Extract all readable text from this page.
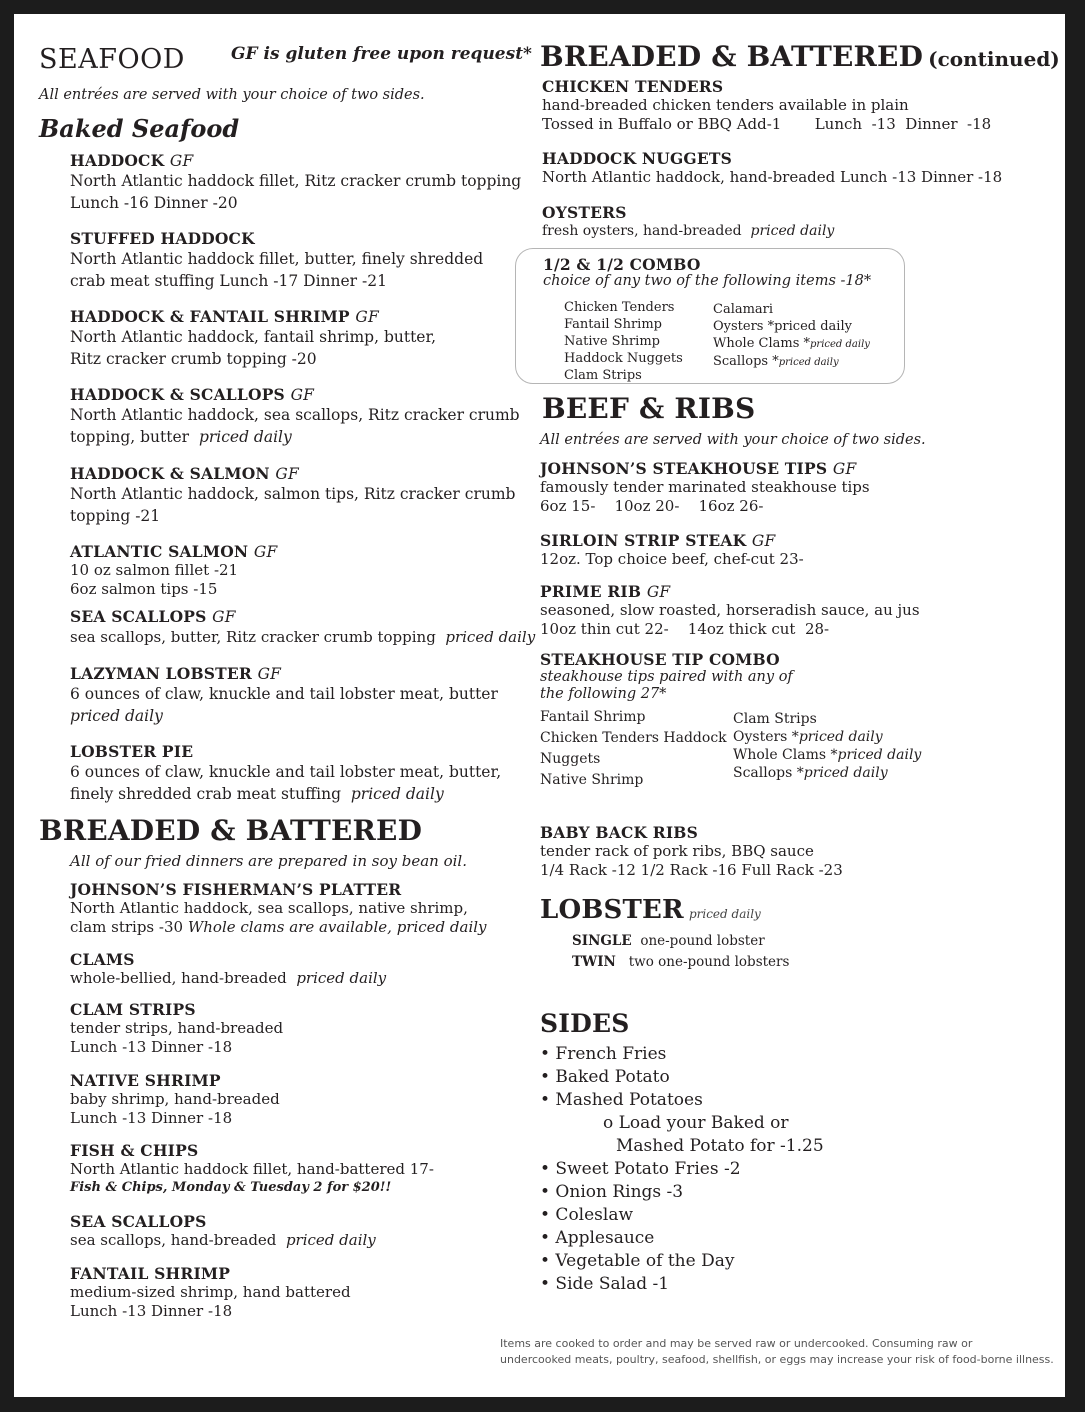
SEAFOOD	GF is gluten free upon request*
All entrées are served with your choice of two sides.
Baked Seafood
HADDOCK GF
North Atlantic haddock fillet, Ritz cracker crumb topping
Lunch -16 Dinner -20
STUFFED HADDOCK
North Atlantic haddock fillet, butter, finely shredded
crab meat stuffing Lunch -17 Dinner -21
HADDOCK & FANTAIL SHRIMP GF
North Atlantic haddock, fantail shrimp, butter,
Ritz cracker crumb topping -20
HADDOCK & SCALLOPS GF
North Atlantic haddock, sea scallops, Ritz cracker crumb
topping, butter priced daily
HADDOCK & SALMON GF
North Atlantic haddock, salmon tips, Ritz cracker crumb
topping -21
ATLANTIC SALMON GF
10 oz salmon fillet -21
6oz salmon tips -15
SEA SCALLOPS GF
sea scallops, butter, Ritz cracker crumb topping priced daily
LAZYMAN LOBSTER GF
6 ounces of claw, knuckle and tail lobster meat, butter
priced daily
LOBSTER PIE
6 ounces of claw, knuckle and tail lobster meat, butter,
finely shredded crab meat stuffing priced daily
BREADED & BATTERED
All of our fried dinners are prepared in soy bean oil.
JOHNSON’S FISHERMAN’S PLATTER
North Atlantic haddock, sea scallops, native shrimp,
clam strips -30 Whole clams are available, priced daily
CLAMS
whole-bellied, hand-breaded priced daily
CLAM STRIPS
tender strips, hand-breaded
Lunch -13 Dinner -18
NATIVE SHRIMP
baby shrimp, hand-breaded
Lunch -13 Dinner -18
FISH & CHIPS
North Atlantic haddock fillet, hand-battered 17-
Fish & Chips, Monday & Tuesday 2 for $20!!
SEA SCALLOPS
sea scallops, hand-breaded priced daily
FANTAIL SHRIMP
medium-sized shrimp, hand battered
Lunch -13 Dinner -18
BREADED & BATTERED (continued)
CHICKEN TENDERS
hand-breaded chicken tenders available in plain
Tossed in Buffalo or BBQ Add-1       Lunch  -13  Dinner  -18
HADDOCK NUGGETS
North Atlantic haddock, hand-breaded Lunch -13 Dinner -18
OYSTERS
fresh oysters, hand-breaded priced daily
1/2 & 1/2 COMBO
choice of any two of the following items -18*
Chicken Tenders
Fantail Shrimp
Native Shrimp
Haddock Nuggets
Clam Strips
Calamari
Oysters *priced daily
Whole Clams *priced daily
Scallops *priced daily
BEEF & RIBS
All entrées are served with your choice of two sides.
JOHNSON’S STEAKHOUSE TIPS GF
famously tender marinated steakhouse tips
6oz 15-    10oz 20-    16oz 26-
SIRLOIN STRIP STEAK GF
12oz. Top choice beef, chef-cut 23-
PRIME RIB GF
seasoned, slow roasted, horseradish sauce, au jus
10oz thin cut 22-    14oz thick cut  28-
STEAKHOUSE TIP COMBO
steakhouse tips paired with any of
the following 27*
Fantail Shrimp
Chicken Tenders Haddock
Nuggets
Native Shrimp
Clam Strips
Oysters *priced daily
Whole Clams *priced daily
Scallops *priced daily
BABY BACK RIBS
tender rack of pork ribs, BBQ sauce
1/4 Rack -12 1/2 Rack -16 Full Rack -23
LOBSTER priced daily
SINGLE one-pound lobster
TWIN two one-pound lobsters
SIDES
• French Fries
• Baked Potato
• Mashed Potatoes
o Load your Baked or
Mashed Potato for -1.25
• Sweet Potato Fries -2
• Onion Rings -3
• Coleslaw
• Applesauce
• Vegetable of the Day
• Side Salad -1
Items are cooked to order and may be served raw or undercooked. Consuming raw or
undercooked meats, poultry, seafood, shellfish, or eggs may increase your risk of food-borne illness.
